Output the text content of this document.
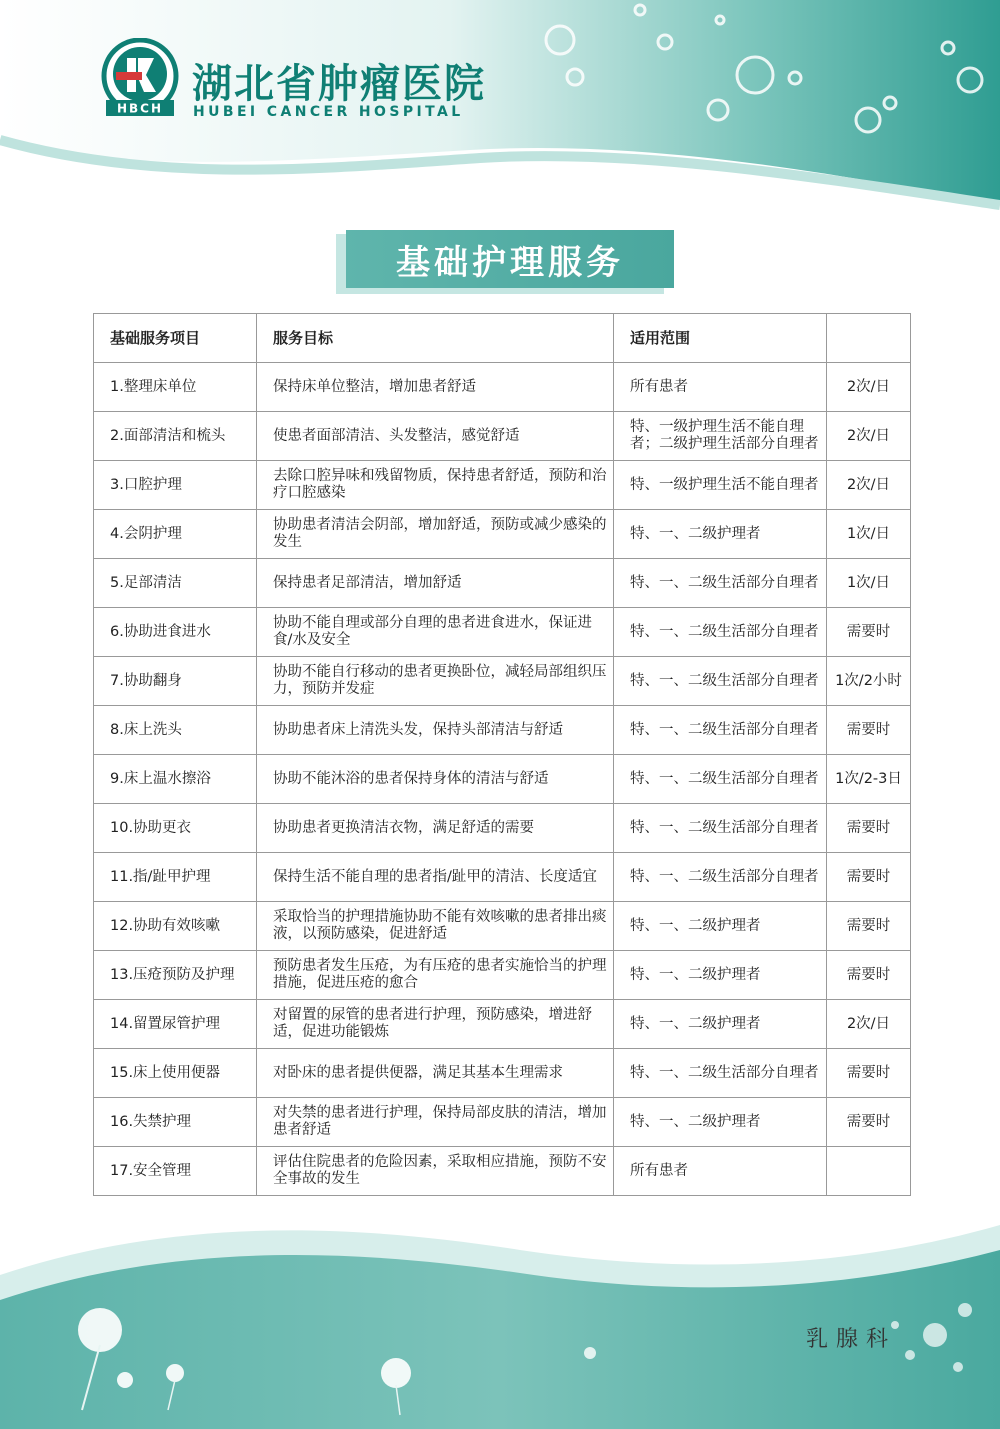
HBCH
湖北省肿瘤医院
HUBEI CANCER HOSPITAL
基础护理服务
基础服务项目	服务目标	适用范围	
1.整理床单位	保持床单位整洁，增加患者舒适	所有患者	2次/日
2.面部清洁和梳头	使患者面部清洁、头发整洁，感觉舒适	特、一级护理生活不能自理者；二级护理生活部分自理者	2次/日
3.口腔护理	去除口腔异味和残留物质，保持患者舒适，预防和治疗口腔感染	特、一级护理生活不能自理者	2次/日
4.会阴护理	协助患者清洁会阴部，增加舒适，预防或减少感染的发生	特、一、二级护理者	1次/日
5.足部清洁	保持患者足部清洁，增加舒适	特、一、二级生活部分自理者	1次/日
6.协助进食进水	协助不能自理或部分自理的患者进食进水，保证进食/水及安全	特、一、二级生活部分自理者	需要时
7.协助翻身	协助不能自行移动的患者更换卧位，减轻局部组织压力，预防并发症	特、一、二级生活部分自理者	1次/2小时
8.床上洗头	协助患者床上清洗头发，保持头部清洁与舒适	特、一、二级生活部分自理者	需要时
9.床上温水擦浴	协助不能沐浴的患者保持身体的清洁与舒适	特、一、二级生活部分自理者	1次/2-3日
10.协助更衣	协助患者更换清洁衣物，满足舒适的需要	特、一、二级生活部分自理者	需要时
11.指/趾甲护理	保持生活不能自理的患者指/趾甲的清洁、长度适宜	特、一、二级生活部分自理者	需要时
12.协助有效咳嗽	采取恰当的护理措施协助不能有效咳嗽的患者排出痰液，以预防感染，促进舒适	特、一、二级护理者	需要时
13.压疮预防及护理	预防患者发生压疮，为有压疮的患者实施恰当的护理措施，促进压疮的愈合	特、一、二级护理者	需要时
14.留置尿管护理	对留置的尿管的患者进行护理，预防感染，增进舒适，促进功能锻炼	特、一、二级护理者	2次/日
15.床上使用便器	对卧床的患者提供便器，满足其基本生理需求	特、一、二级生活部分自理者	需要时
16.失禁护理	对失禁的患者进行护理，保持局部皮肤的清洁，增加患者舒适	特、一、二级护理者	需要时
17.安全管理	评估住院患者的危险因素，采取相应措施，预防不安全事故的发生	所有患者	
乳腺科
